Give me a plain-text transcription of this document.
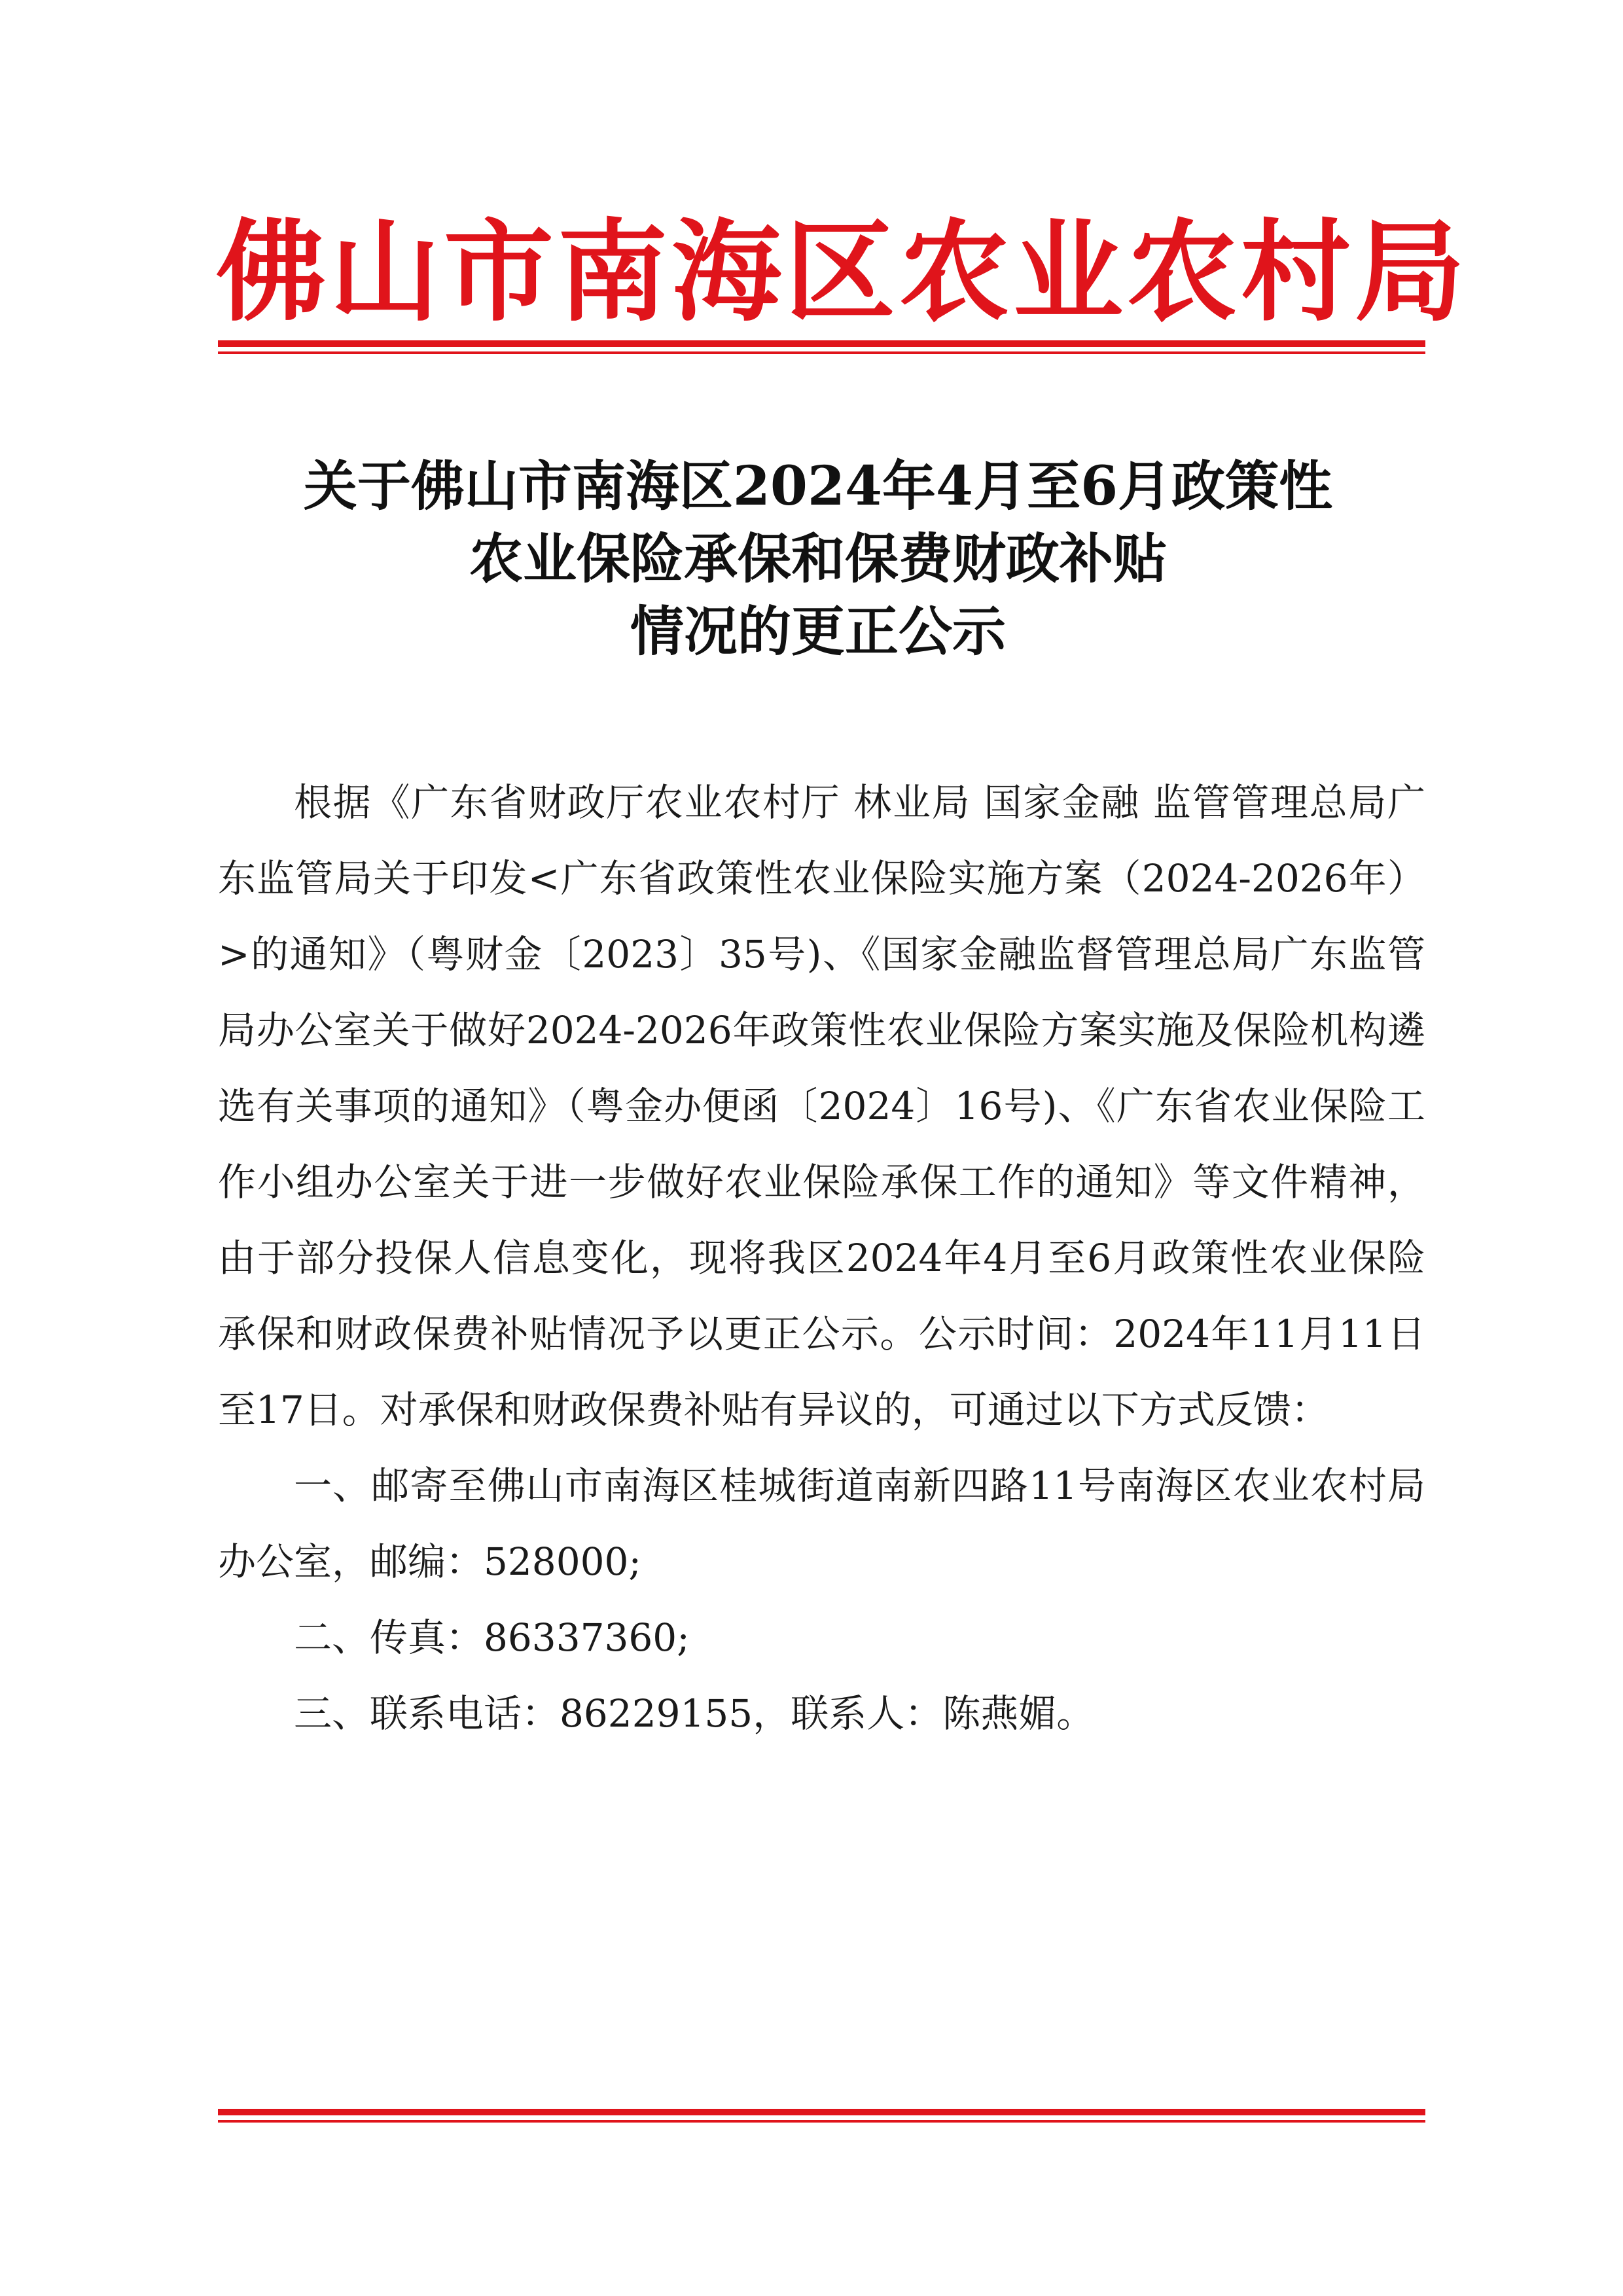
佛山市南海区农业农村局
关于佛山市南海区2024年4月至6月政策性
农业保险承保和保费财政补贴
情况的更正公示

根据《广东省财政厅农业农村厅 林业局 国家金融 监管管理总局广东监管局关于印发<广东省政策性农业保险实施方案（2024-2026年）>的通知》（粤财金〔2023〕35号)、《国家金融监督管理总局广东监管局办公室关于做好2024-2026年政策性农业保险方案实施及保险机构遴选有关事项的通知》（粤金办便函〔2024〕16号)、《广东省农业保险工作小组办公室关于进一步做好农业保险承保工作的通知》等文件精神，由于部分投保人信息变化，现将我区2024年4月至6月政策性农业保险承保和财政保费补贴情况予以更正公示。公示时间：2024年11月11日至17日。对承保和财政保费补贴有异议的，可通过以下方式反馈：

一、邮寄至佛山市南海区桂城街道南新四路11号南海区农业农村局办公室，邮编：528000;

二、传真：86337360;

三、联系电话：86229155，联系人：陈燕媚。
